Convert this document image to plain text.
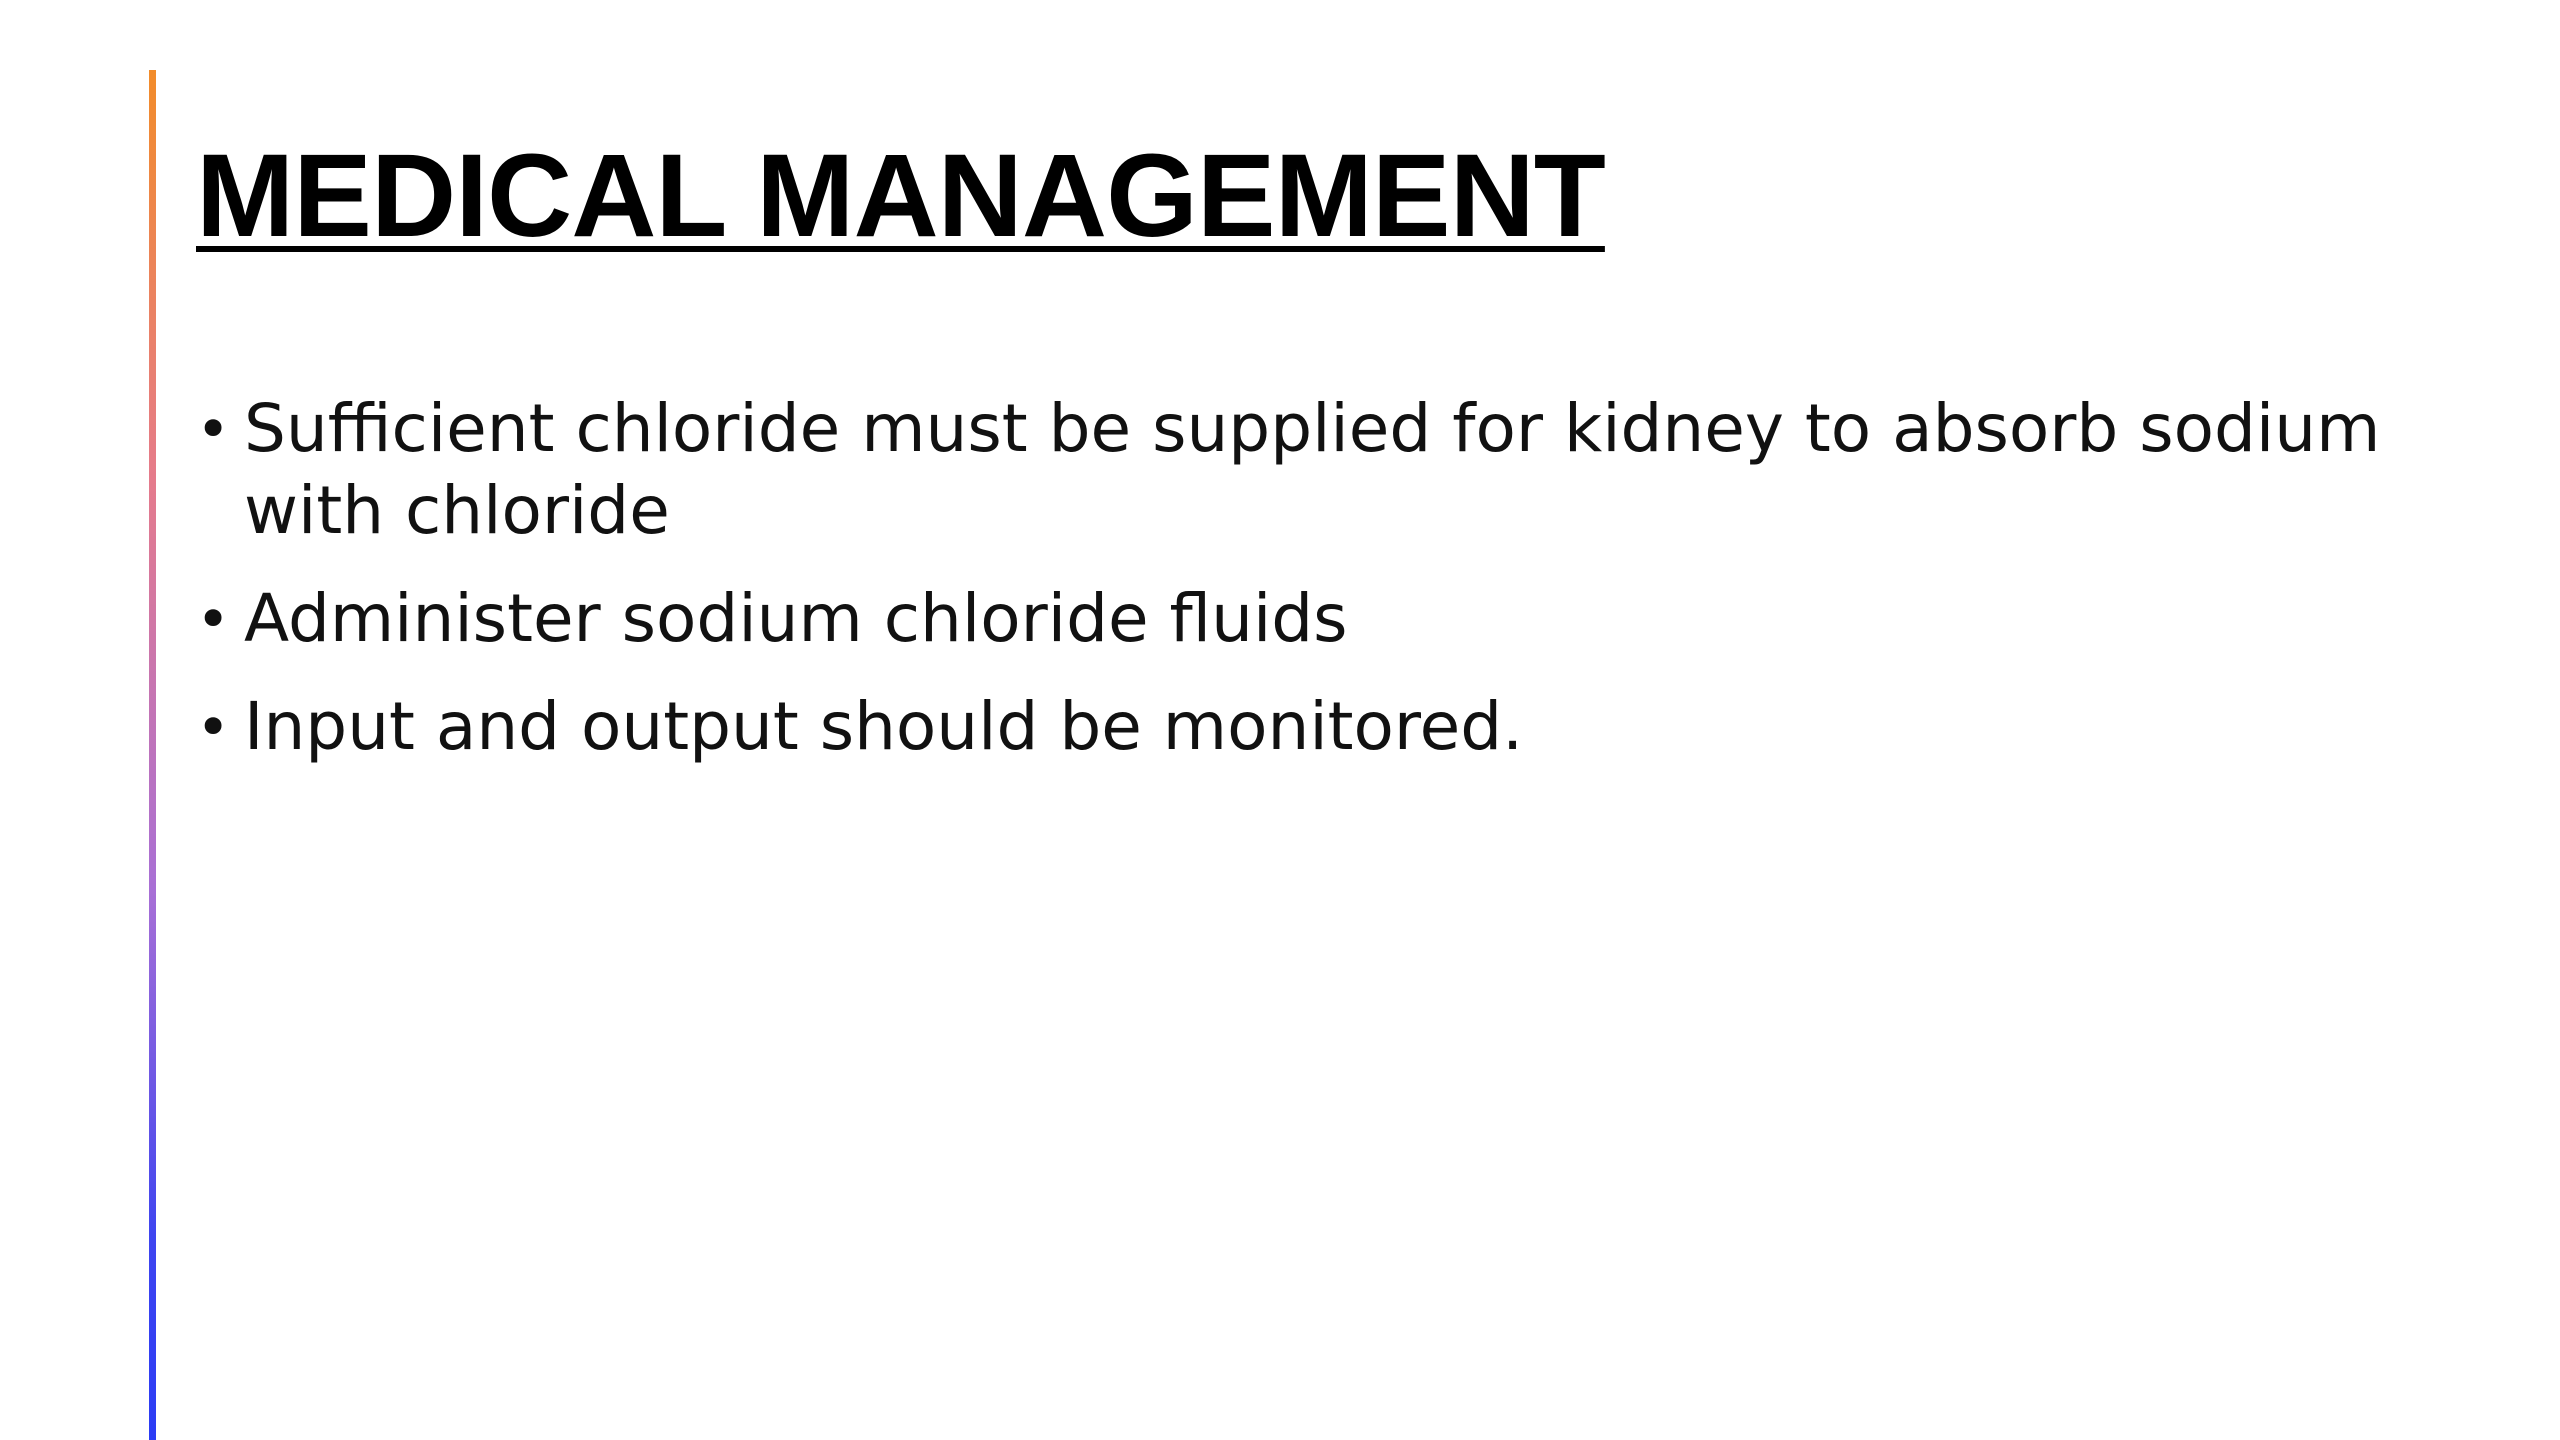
MEDICAL MANAGEMENT
• Sufficient chloride must be supplied for kidney to absorb sodium with chloride
• Administer sodium chloride fluids
• Input and output should be monitored.
